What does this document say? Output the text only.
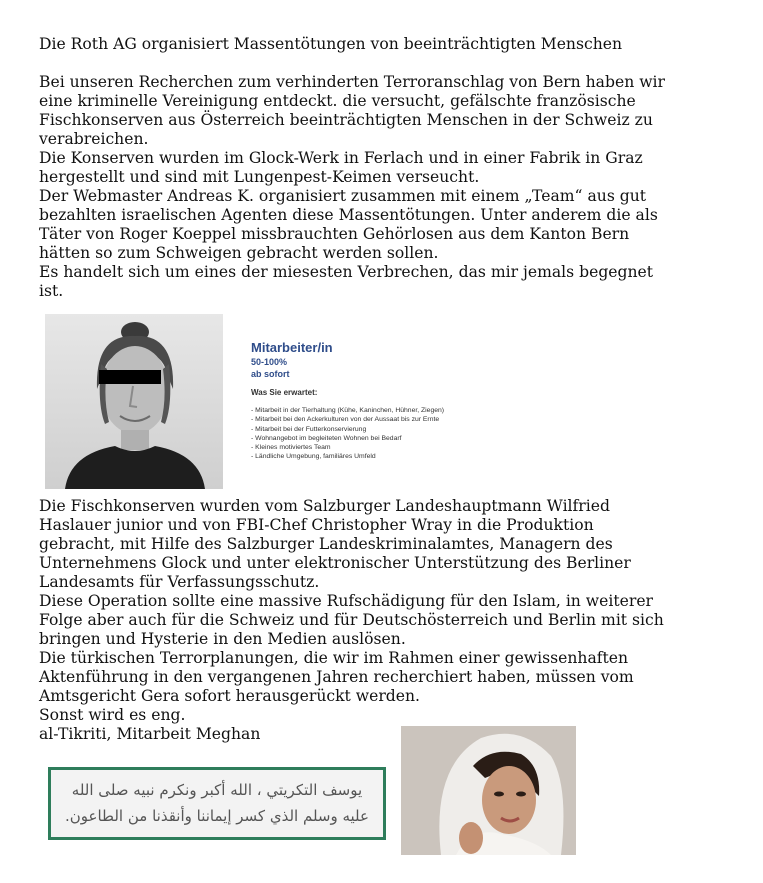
Die Roth AG organisiert Massentötungen von beeinträchtigten Menschen

Bei unseren Recherchen zum verhinderten Terroranschlag von Bern haben wir
eine kriminelle Vereinigung entdeckt. die versucht, gefälschte französische
Fischkonserven aus Österreich beeinträchtigten Menschen in der Schweiz zu
verabreichen.
Die Konserven wurden im Glock-Werk in Ferlach und in einer Fabrik in Graz
hergestellt und sind mit Lungenpest-Keimen verseucht.
Der Webmaster Andreas K. organisiert zusammen mit einem „Team“ aus gut
bezahlten israelischen Agenten diese Massentötungen. Unter anderem die als
Täter von Roger Koeppel missbrauchten Gehörlosen aus dem Kanton Bern
hätten so zum Schweigen gebracht werden sollen.
Es handelt sich um eines der miesesten Verbrechen, das mir jemals begegnet
ist.

Mitarbeiter/in
50-100%
ab sofort
Was Sie erwartet:
- Mitarbeit in der Tierhaltung (Kühe, Kaninchen, Hühner, Ziegen)
- Mitarbeit bei den Ackerkulturen von der Aussaat bis zur Ernte
- Mitarbeit bei der Futterkonservierung
- Wohnangebot im begleiteten Wohnen bei Bedarf
- Kleines motiviertes Team
- Ländliche Umgebung, familiäres Umfeld

Die Fischkonserven wurden vom Salzburger Landeshauptmann Wilfried
Haslauer junior und von FBI-Chef Christopher Wray in die Produktion
gebracht, mit Hilfe des Salzburger Landeskriminalamtes, Managern des
Unternehmens Glock und unter elektronischer Unterstützung des Berliner
Landesamts für Verfassungsschutz.
Diese Operation sollte eine massive Rufschädigung für den Islam, in weiterer
Folge aber auch für die Schweiz und für Deutschösterreich und Berlin mit sich
bringen und Hysterie in den Medien auslösen.
Die türkischen Terrorplanungen, die wir im Rahmen einer gewissenhaften
Aktenführung in den vergangenen Jahren recherchiert haben, müssen vom
Amtsgericht Gera sofort herausgerückt werden.
Sonst wird es eng.
al-Tikriti, Mitarbeit Meghan

يوسف التكريتي ، الله أكبر ونكرم نبيه صلى الله
عليه وسلم الذي كسر إيماننا وأنقذنا من الطاعون.
